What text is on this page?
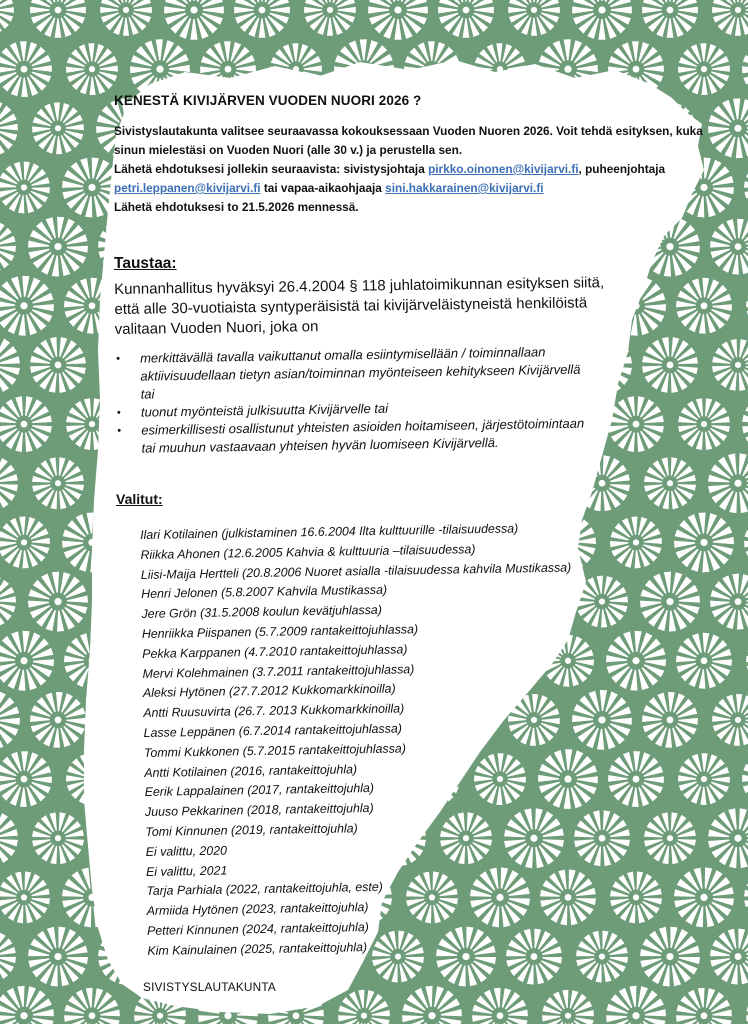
KENESTÄ KIVIJÄRVEN VUODEN NUORI 2026 ?

Sivistyslautakunta valitsee seuraavassa kokouksessaan Vuoden Nuoren 2026. Voit tehdä esityksen, kuka sinun mielestäsi on Vuoden Nuori (alle 30 v.) ja perustella sen.

Lähetä ehdotuksesi jollekin seuraavista: sivistysjohtaja pirkko.oinonen@kivijarvi.fi, puheenjohtaja petri.leppanen@kivijarvi.fi tai vapaa-aikaohjaaja sini.hakkarainen@kivijarvi.fi

Lähetä ehdotuksesi to 21.5.2026 mennessä.

Taustaa:

Kunnanhallitus hyväksyi 26.4.2004 § 118 juhlatoimikunnan esityksen siitä, että alle 30-vuotiaista syntyperäisistä tai kivijärveläistyneistä henkilöistä valitaan Vuoden Nuori, joka on

• merkittävällä tavalla vaikuttanut omalla esiintymisellään / toiminnallaan aktiivisuudellaan tietyn asian/toiminnan myönteiseen kehitykseen Kivijärvellä tai
• tuonut myönteistä julkisuutta Kivijärvelle tai
• esimerkillisesti osallistunut yhteisten asioiden hoitamiseen, järjestötoimintaan tai muuhun vastaavaan yhteisen hyvän luomiseen Kivijärvellä.
Valitut:
Ilari Kotilainen (julkistaminen 16.6.2004 Ilta kulttuurille -tilaisuudessa)
Riikka Ahonen (12.6.2005 Kahvia & kulttuuria –tilaisuudessa)
Liisi-Maija Hertteli (20.8.2006 Nuoret asialla -tilaisuudessa kahvila Mustikassa)
Henri Jelonen (5.8.2007 Kahvila Mustikassa)
Jere Grön (31.5.2008 koulun kevätjuhlassa)
Henriikka Piispanen (5.7.2009 rantakeittojuhlassa)
Pekka Karppanen (4.7.2010 rantakeittojuhlassa)
Mervi Kolehmainen (3.7.2011 rantakeittojuhlassa)
Aleksi Hytönen (27.7.2012 Kukkomarkkinoilla)
Antti Ruusuvirta (26.7. 2013 Kukkomarkkinoilla)
Lasse Leppänen (6.7.2014 rantakeittojuhlassa)
Tommi Kukkonen (5.7.2015 rantakeittojuhlassa)
Antti Kotilainen (2016, rantakeittojuhla)
Eerik Lappalainen (2017, rantakeittojuhla)
Juuso Pekkarinen (2018, rantakeittojuhla)
Tomi Kinnunen (2019, rantakeittojuhla)
Ei valittu, 2020
Ei valittu, 2021
Tarja Parhiala (2022, rantakeittojuhla, este)
Armiida Hytönen (2023, rantakeittojuhla)
Petteri Kinnunen (2024, rantakeittojuhla)
Kim Kainulainen (2025, rantakeittojuhla)

SIVISTYSLAUTAKUNTA
